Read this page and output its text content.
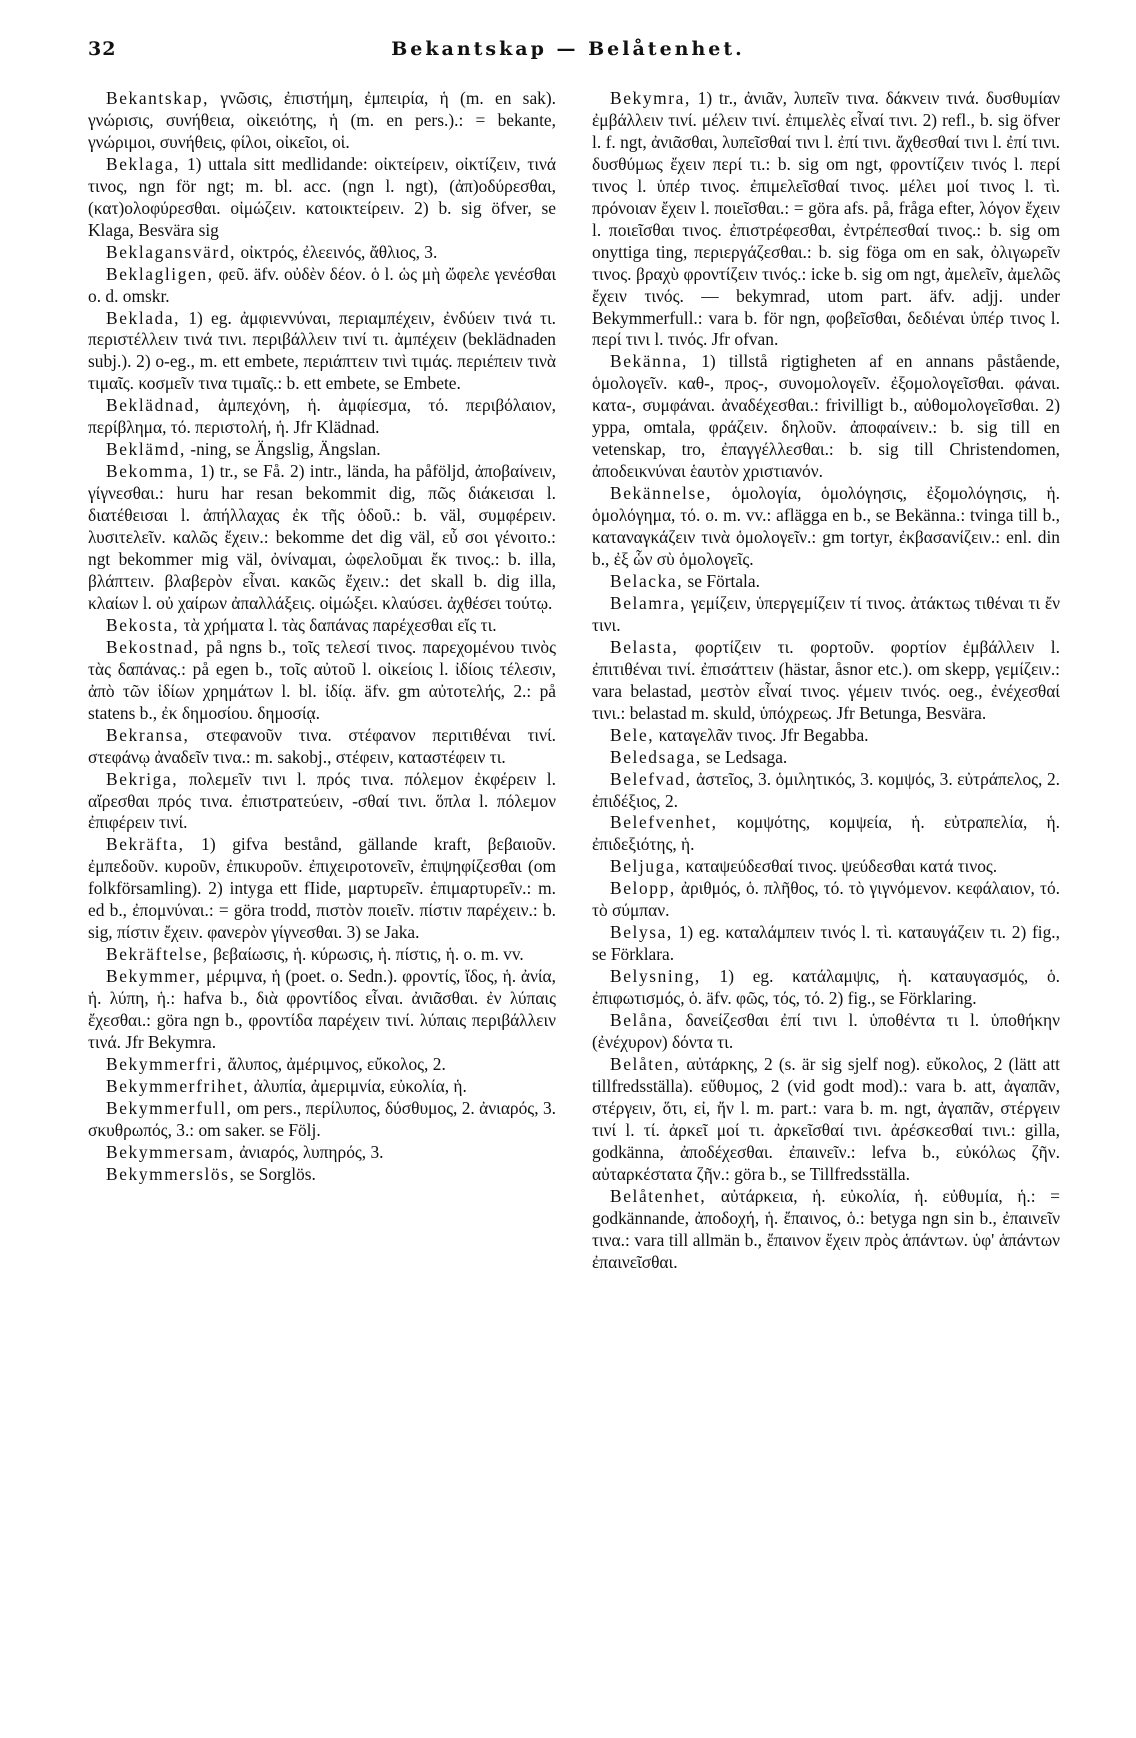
32	Bekantskap — Belåtenhet.

Bekantskap, γνῶσις, ἐπιστήμη, ἐμπειρία, ἡ (m. en sak). γνώρισις, συνήθεια, οἰκειότης, ἡ (m. en pers.).: = bekante, γνώριμοι, συνήθεις, φίλοι, οἰκεῖοι, οἱ.

Beklaga, 1) uttala sitt medlidande: οἰκτείρειν, οἰκτίζειν, τινά τινος, ngn för ngt; m. bl. acc. (ngn l. ngt), (ἀπ)οδύρεσθαι, (κατ)ολοφύρεσθαι. οἰμώζειν. κατοικτείρειν. 2) b. sig öfver, se Klaga, Besvära sig

Beklagansvärd, οἰκτρός, ἐλεεινός, ἄθλιος, 3.

Beklagligen, φεῦ. äfv. οὐδὲν δέον. ὁ l. ὡς μὴ ὤφελε γενέσθαι o. d. omskr.

Beklada, 1) eg. ἀμφιεννύναι, περιαμπέχειν, ἐνδύειν τινά τι. περιστέλλειν τινά τινι. περιβάλλειν τινί τι. ἀμπέχειν (beklädnaden subj.). 2) o-eg., m. ett embete, περιάπτειν τινὶ τιμάς. περιέπειν τινὰ τιμαῖς. κοσμεῖν τινα τιμαῖς.: b. ett embete, se Embete.

Beklädnad, ἀμπεχόνη, ἡ. ἀμφίεσμα, τό. περιβόλαιον, περίβλημα, τό. περιστολή, ἡ. Jfr Klädnad.

Beklämd, -ning, se Ängslig, Ängslan.

Bekomma, 1) tr., se Få. 2) intr., lända, ha påföljd, ἀποβαίνειν, γίγνεσθαι.: huru har resan bekommit dig, πῶς διάκεισαι l. διατέθεισαι l. ἀπήλλαχας ἐκ τῆς ὁδοῦ.: b. väl, συμφέρειν. λυσιτελεῖν. καλῶς ἔχειν.: bekomme det dig väl, εὖ σοι γένοιτο.: ngt bekommer mig väl, ὀνίναμαι, ὠφελοῦμαι ἔκ τινος.: b. illa, βλάπτειν. βλαβερὸν εἶναι. κακῶς ἔχειν.: det skall b. dig illa, κλαίων l. οὐ χαίρων ἀπαλλάξεις. οἰμώξει. κλαύσει. ἀχθέσει τούτῳ.

Bekosta, τὰ χρήματα l. τὰς δαπάνας παρέχεσθαι εἴς τι.

Bekostnad, på ngns b., τοῖς τελεσί τινος. παρεχομένου τινὸς τὰς δαπάνας.: på egen b., τοῖς αὐτοῦ l. οἰκείοις l. ἰδίοις τέλεσιν, ἀπὸ τῶν ἰδίων χρημάτων l. bl. ἰδίᾳ. äfv. gm αὐτοτελής, 2.: på statens b., ἐκ δημοσίου. δημοσίᾳ.

Bekransa, στεφανοῦν τινα. στέφανον περιτιθέναι τινί. στεφάνῳ ἀναδεῖν τινα.: m. sakobj., στέφειν, καταστέφειν τι.

Bekriga, πολεμεῖν τινι l. πρός τινα. πόλεμον ἐκφέρειν l. αἴρεσθαι πρός τινα. ἐπιστρατεύειν, -σθαί τινι. ὅπλα l. πόλεμον ἐπιφέρειν τινί.

Bekräfta, 1) gifva bestånd, gällande kraft, βεβαιοῦν. ἐμπεδοῦν. κυροῦν, ἐπικυροῦν. ἐπιχειροτονεῖν, ἐπιψηφίζεσθαι (om folkförsamling). 2) intyga ett fIide, μαρτυρεῖν. ἐπιμαρτυρεῖν.: m. ed b., ἐπομνύναι.: = göra trodd, πιστὸν ποιεῖν. πίστιν παρέχειν.: b. sig, πίστιν ἔχειν. φανερὸν γίγνεσθαι. 3) se Jaka.

Bekräftelse, βεβαίωσις, ἡ. κύρωσις, ἡ. πίστις, ἡ. o. m. vv.

Bekymmer, μέριμνα, ἡ (poet. o. Sedn.). φροντίς, ἴδος, ἡ. ἀνία, ἡ. λύπη, ἡ.: hafva b., διὰ φροντίδος εἶναι. ἀνιᾶσθαι. ἐν λύπαις ἔχεσθαι.: göra ngn b., φροντίδα παρέχειν τινί. λύπαις περιβάλλειν τινά. Jfr Bekymra.

Bekymmerfri, ἄλυπος, ἀμέριμνος, εὔκολος, 2.

Bekymmerfrihet, ἀλυπία, ἀμεριμνία, εὐκολία, ἡ.

Bekymmerfull, om pers., περίλυπος, δύσθυμος, 2. ἀνιαρός, 3. σκυθρωπός, 3.: om saker. se Följ.

Bekymmersam, ἀνιαρός, λυπηρός, 3.

Bekymmerslös, se Sorglös.

Bekymra, 1) tr., ἀνιᾶν, λυπεῖν τινα. δάκνειν τινά. δυσθυμίαν ἐμβάλλειν τινί. μέλειν τινί. ἐπιμελὲς εἶναί τινι. 2) refl., b. sig öfver l. f. ngt, ἀνιᾶσθαι, λυπεῖσθαί τινι l. ἐπί τινι. ἄχθεσθαί τινι l. ἐπί τινι. δυσθύμως ἔχειν περί τι.: b. sig om ngt, φροντίζειν τινός l. περί τινος l. ὑπέρ τινος. ἐπιμελεῖσθαί τινος. μέλει μοί τινος l. τὶ. πρόνοιαν ἔχειν l. ποιεῖσθαι.: = göra afs. på, fråga efter, λόγον ἔχειν l. ποιεῖσθαι τινος. ἐπιστρέφεσθαι, ἐντρέπεσθαί τινος.: b. sig om onyttiga ting, περιεργάζεσθαι.: b. sig föga om en sak, ὀλιγωρεῖν τινος. βραχὺ φροντίζειν τινός.: icke b. sig om ngt, ἀμελεῖν, ἀμελῶς ἔχειν τινός. — bekymrad, utom part. äfv. adjj. under Bekymmerfull.: vara b. för ngn, φοβεῖσθαι, δεδιέναι ὑπέρ τινος l. περί τινι l. τινός. Jfr ofvan.

Bekänna, 1) tillstå rigtigheten af en annans påstående, ὁμολογεῖν. καθ-, προς-, συνομολογεῖν. ἐξομολογεῖσθαι. φάναι. κατα-, συμφάναι. ἀναδέχεσθαι.: frivilligt b., αὐθομολογεῖσθαι. 2) yppa, omtala, φράζειν. δηλοῦν. ἀποφαίνειν.: b. sig till en vetenskap, tro, ἐπαγγέλλεσθαι.: b. sig till Christendomen, ἀποδεικνύναι ἑαυτὸν χριστιανόν.

Bekännelse, ὁμολογία, ὁμολόγησις, ἐξομολόγησις, ἡ. ὁμολόγημα, τό. o. m. vv.: aflägga en b., se Bekänna.: tvinga till b., καταναγκάζειν τινὰ ὁμολογεῖν.: gm tortyr, ἐκβασανίζειν.: enl. din b., ἐξ ὧν σὺ ὁμολογεῖς.

Belacka, se Förtala.

Belamra, γεμίζειν, ὑπεργεμίζειν τί τινος. ἀτάκτως τιθέναι τι ἔν τινι.

Belasta, φορτίζειν τι. φορτοῦν. φορτίον ἐμβάλλειν l. ἐπιτιθέναι τινί. ἐπισάττειν (hästar, åsnor etc.). om skepp, γεμίζειν.: vara belastad, μεστὸν εἶναί τινος. γέμειν τινός. oeg., ἐνέχεσθαί τινι.: belastad m. skuld, ὑπόχρεως. Jfr Betunga, Besvära.

Bele, καταγελᾶν τινος. Jfr Begabba.

Beledsaga, se Ledsaga.

Belefvad, ἀστεῖος, 3. ὁμιλητικός, 3. κομψός, 3. εὐτράπελος, 2. ἐπιδέξιος, 2.

Belefvenhet, κομψότης, κομψεία, ἡ. εὐτραπελία, ἡ. ἐπιδεξιότης, ἡ.

Beljuga, καταψεύδεσθαί τινος. ψεύδεσθαι κατά τινος.

Belopp, ἀριθμός, ὁ. πλῆθος, τό. τὸ γιγνόμενον. κεφάλαιον, τό. τὸ σύμπαν.

Belysa, 1) eg. καταλάμπειν τινός l. τὶ. καταυγάζειν τι. 2) fig., se Förklara.

Belysning, 1) eg. κατάλαμψις, ἡ. καταυγασμός, ὁ. ἐπιφωτισμός, ὁ. äfv. φῶς, τός, τό. 2) fig., se Förklaring.

Belåna, δανείζεσθαι ἐπί τινι l. ὑποθέντα τι l. ὑποθήκην (ἐνέχυρον) δόντα τι.

Belåten, αὐτάρκης, 2 (s. är sig sjelf nog). εὔκολος, 2 (lätt att tillfredsställa). εὔθυμος, 2 (vid godt mod).: vara b. att, ἀγαπᾶν, στέργειν, ὅτι, εἰ, ἤν l. m. part.: vara b. m. ngt, ἀγαπᾶν, στέργειν τινί l. τί. ἀρκεῖ μοί τι. ἀρκεῖσθαί τινι. ἀρέσκεσθαί τινι.: gilla, godkänna, ἀποδέχεσθαι. ἐπαινεῖν.: lefva b., εὐκόλως ζῆν. αὐταρκέστατα ζῆν.: göra b., se Tillfredsställa.

Belåtenhet, αὐτάρκεια, ἡ. εὐκολία, ἡ. εὐθυμία, ἡ.: = godkännande, ἀποδοχή, ἡ. ἔπαινος, ὁ.: betyga ngn sin b., ἐπαινεῖν τινα.: vara till allmän b., ἔπαινον ἔχειν πρὸς ἁπάντων. ὑφ' ἁπάντων ἐπαινεῖσθαι.
